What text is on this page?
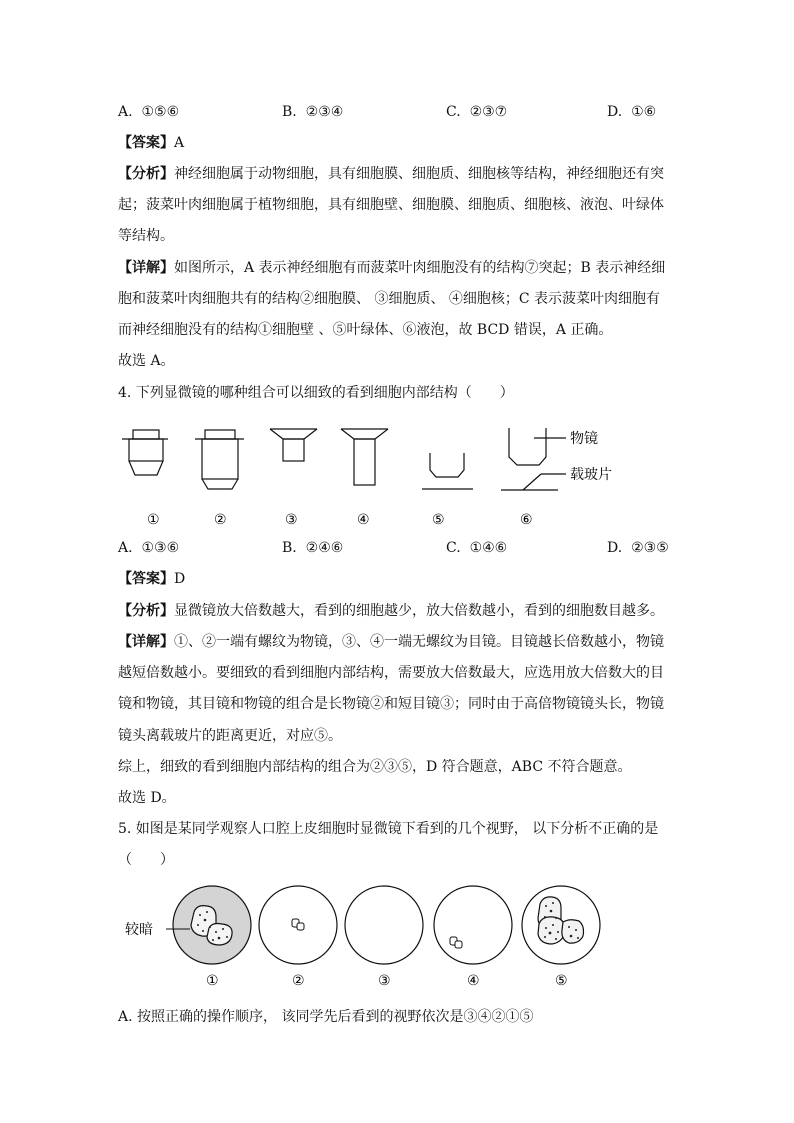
A. ①⑤⑥	B. ②③④	C. ②③⑦	D. ①⑥
【答案】A
【分析】神经细胞属于动物细胞，具有细胞膜、细胞质、细胞核等结构，神经细胞还有突
起；菠菜叶肉细胞属于植物细胞，具有细胞壁、细胞膜、细胞质、细胞核、液泡、叶绿体
等结构。
【详解】如图所示，A 表示神经细胞有而菠菜叶肉细胞没有的结构⑦突起；B 表示神经细
胞和菠菜叶肉细胞共有的结构②细胞膜、 ③细胞质、 ④细胞核；C 表示菠菜叶肉细胞有
而神经细胞没有的结构①细胞壁 、⑤叶绿体、⑥液泡，故 BCD 错误，A 正确。
故选 A。
4. 下列显微镜的哪种组合可以细致的看到细胞内部结构（　　）
物镜
载玻片
①	②	③	④	⑤	⑥
A. ①③⑥	B. ②④⑥	C. ①④⑥	D. ②③⑤
【答案】D
【分析】显微镜放大倍数越大，看到的细胞越少，放大倍数越小，看到的细胞数目越多。
【详解】①、②一端有螺纹为物镜，③、④一端无螺纹为目镜。目镜越长倍数越小，物镜
越短倍数越小。要细致的看到细胞内部结构，需要放大倍数最大，应选用放大倍数大的目
镜和物镜，其目镜和物镜的组合是长物镜②和短目镜③；同时由于高倍物镜镜头长，物镜
镜头离载玻片的距离更近，对应⑤。
综上，细致的看到细胞内部结构的组合为②③⑤，D 符合题意，ABC 不符合题意。
故选 D。
5. 如图是某同学观察人口腔上皮细胞时显微镜下看到的几个视野， 以下分析不正确的是
（　　）
较暗
①	②	③	④	⑤
A. 按照正确的操作顺序， 该同学先后看到的视野依次是③④②①⑤
